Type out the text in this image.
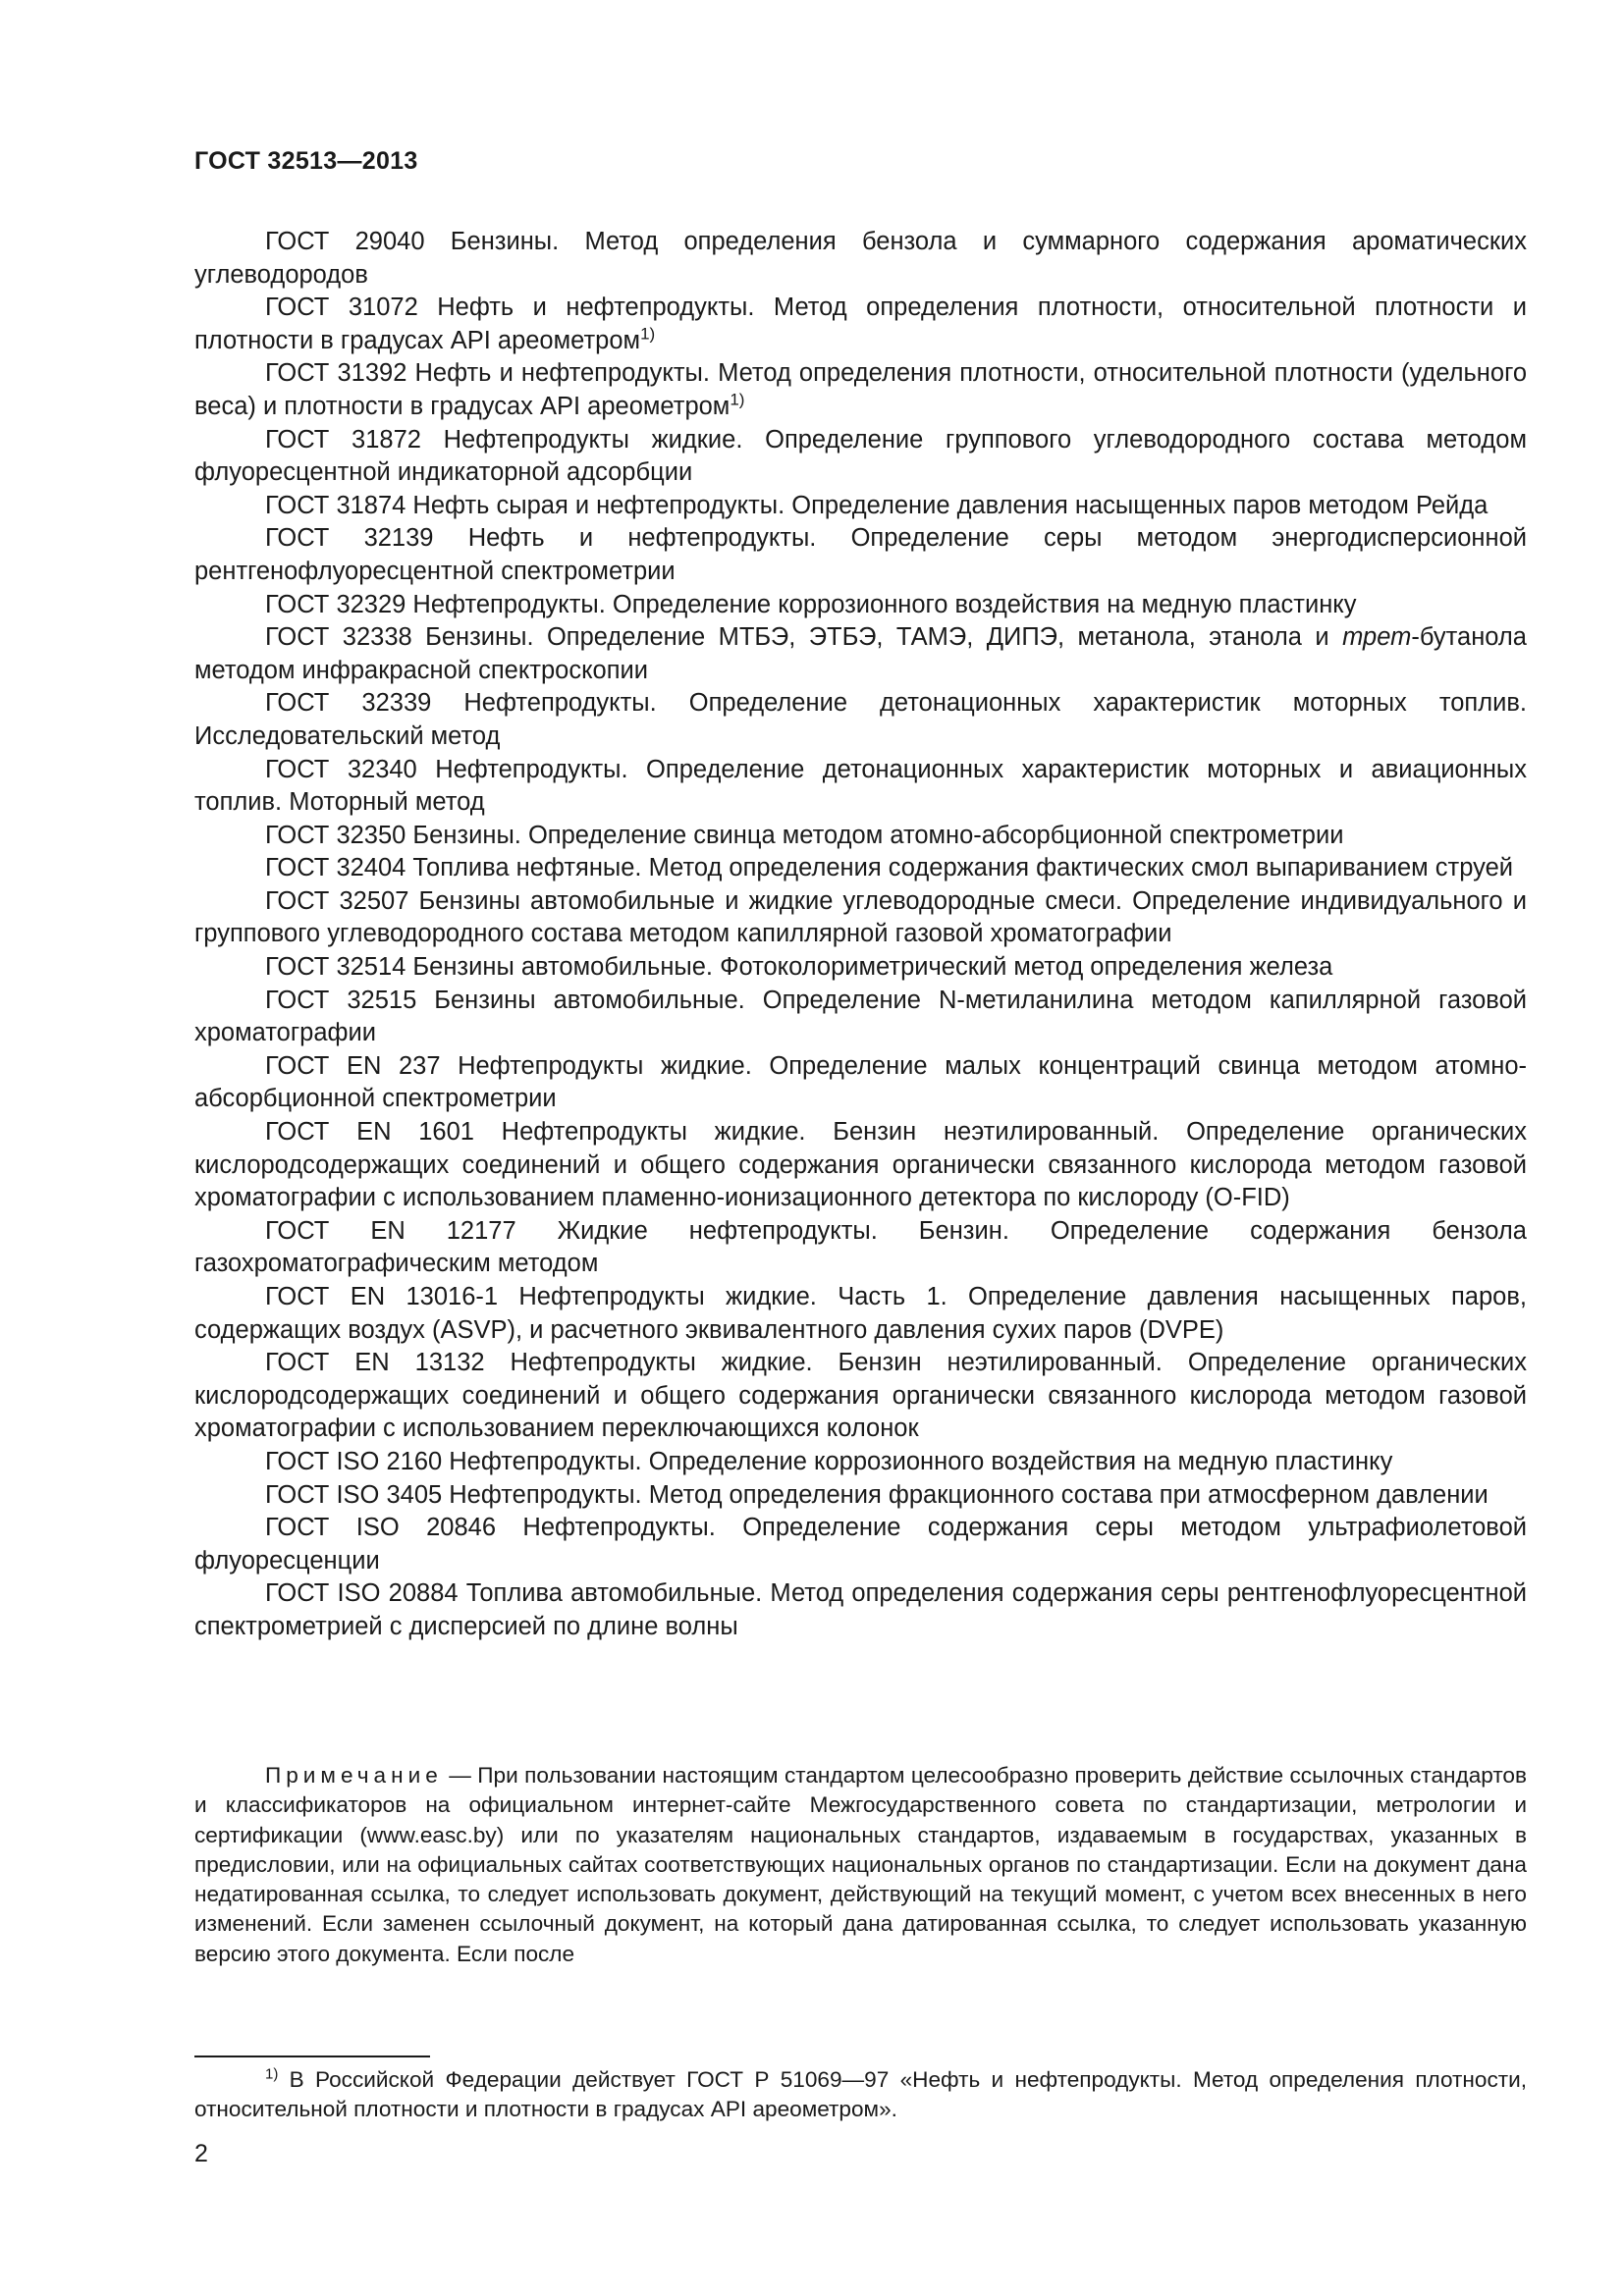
ГОСТ 32513—2013

ГОСТ 29040 Бензины. Метод определения бензола и суммарного содержания ароматических углеводородов

ГОСТ 31072 Нефть и нефтепродукты. Метод определения плотности, относительной плотности и плотности в градусах API ареометром$^{1)}$

ГОСТ 31392 Нефть и нефтепродукты. Метод определения плотности, относительной плотности (удельного веса) и плотности в градусах API ареометром$^{1)}$

ГОСТ 31872 Нефтепродукты жидкие. Определение группового углеводородного состава методом флуоресцентной индикаторной адсорбции

ГОСТ 31874 Нефть сырая и нефтепродукты. Определение давления насыщенных паров методом Рейда

ГОСТ 32139 Нефть и нефтепродукты. Определение серы методом энергодисперсионной рентгенофлуоресцентной спектрометрии

ГОСТ 32329 Нефтепродукты. Определение коррозионного воздействия на медную пластинку

ГОСТ 32338 Бензины. Определение МТБЭ, ЭТБЭ, ТАМЭ, ДИПЭ, метанола, этанола и трет-бутанола методом инфракрасной спектроскопии

ГОСТ 32339 Нефтепродукты. Определение детонационных характеристик моторных топлив. Исследовательский метод

ГОСТ 32340 Нефтепродукты. Определение детонационных характеристик моторных и авиационных топлив. Моторный метод

ГОСТ 32350 Бензины. Определение свинца методом атомно-абсорбционной спектрометрии

ГОСТ 32404 Топлива нефтяные. Метод определения содержания фактических смол выпариванием струей

ГОСТ 32507 Бензины автомобильные и жидкие углеводородные смеси. Определение индивидуального и группового углеводородного состава методом капиллярной газовой хроматографии

ГОСТ 32514 Бензины автомобильные. Фотоколориметрический метод определения железа

ГОСТ 32515 Бензины автомобильные. Определение N-метиланилина методом капиллярной газовой хроматографии

ГОСТ EN 237 Нефтепродукты жидкие. Определение малых концентраций свинца методом атомно-абсорбционной спектрометрии

ГОСТ EN 1601 Нефтепродукты жидкие. Бензин неэтилированный. Определение органических кислородсодержащих соединений и общего содержания органически связанного кислорода методом газовой хроматографии с использованием пламенно-ионизационного детектора по кислороду (O-FID)

ГОСТ EN 12177 Жидкие нефтепродукты. Бензин. Определение содержания бензола газохроматографическим методом

ГОСТ EN 13016-1 Нефтепродукты жидкие. Часть 1. Определение давления насыщенных паров, содержащих воздух (ASVP), и расчетного эквивалентного давления сухих паров (DVPE)

ГОСТ EN 13132 Нефтепродукты жидкие. Бензин неэтилированный. Определение органических кислородсодержащих соединений и общего содержания органически связанного кислорода методом газовой хроматографии с использованием переключающихся колонок

ГОСТ ISO 2160 Нефтепродукты. Определение коррозионного воздействия на медную пластинку

ГОСТ ISO 3405 Нефтепродукты. Метод определения фракционного состава при атмосферном давлении

ГОСТ ISO 20846 Нефтепродукты. Определение содержания серы методом ультрафиолетовой флуоресценции

ГОСТ ISO 20884 Топлива автомобильные. Метод определения содержания серы рентгенофлуоресцентной спектрометрией с дисперсией по длине волны

Примечание — При пользовании настоящим стандартом целесообразно проверить действие ссылочных стандартов и классификаторов на официальном интернет-сайте Межгосударственного совета по стандартизации, метрологии и сертификации (www.easc.by) или по указателям национальных стандартов, издаваемым в государствах, указанных в предисловии, или на официальных сайтах соответствующих национальных органов по стандартизации. Если на документ дана недатированная ссылка, то следует использовать документ, действующий на текущий момент, с учетом всех внесенных в него изменений. Если заменен ссылочный документ, на который дана датированная ссылка, то следует использовать указанную версию этого документа. Если после

$^{1)}$ В Российской Федерации действует ГОСТ Р 51069—97 «Нефть и нефтепродукты. Метод определения плотности, относительной плотности и плотности в градусах API ареометром».

2
